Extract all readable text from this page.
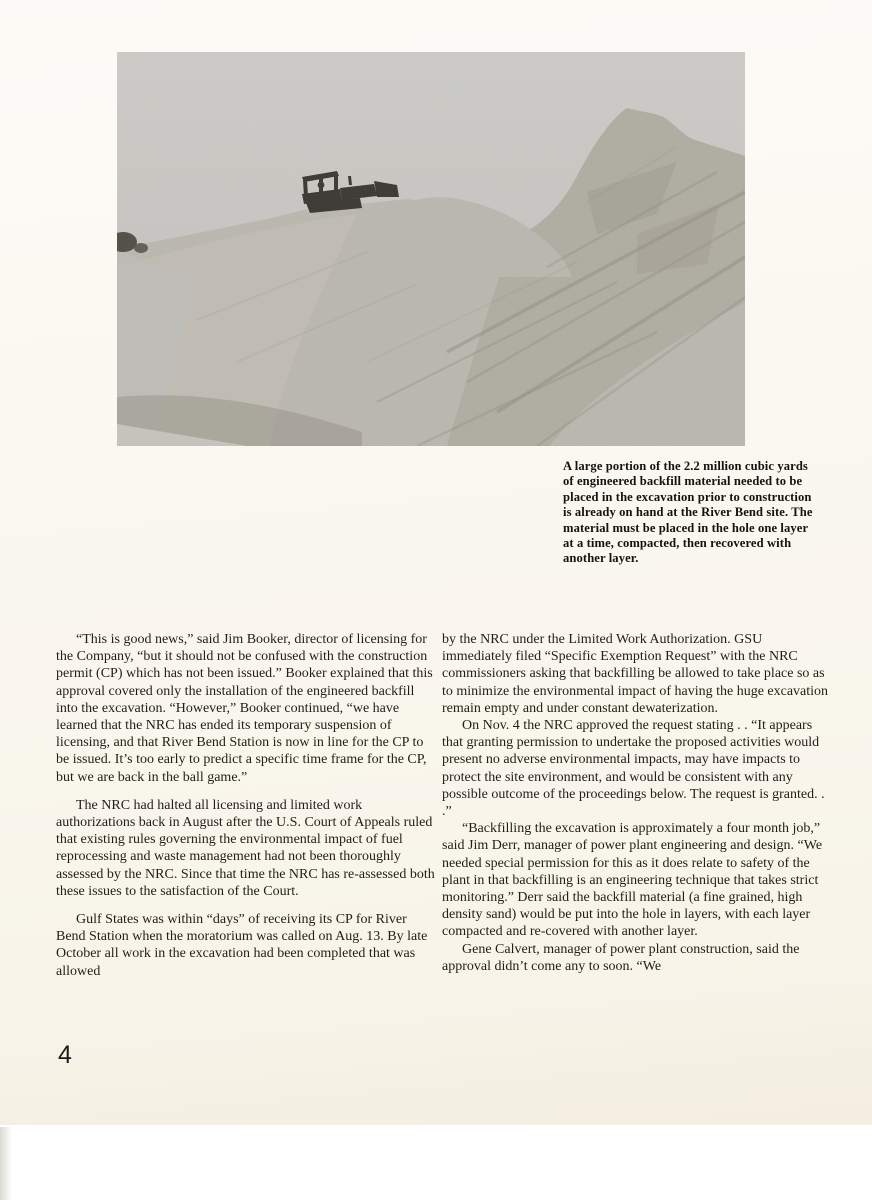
A large portion of the 2.2 million cubic yards of engineered backfill material needed to be placed in the excavation prior to construction is already on hand at the River Bend site. The material must be placed in the hole one layer at a time, compacted, then recovered with another layer.

“This is good news,” said Jim Booker, director of licensing for the Company, “but it should not be confused with the construction permit (CP) which has not been issued.” Booker explained that this approval covered only the installation of the engineered backfill into the excavation. “However,” Booker continued, “we have learned that the NRC has ended its temporary suspension of licensing, and that River Bend Station is now in line for the CP to be issued. It’s too early to predict a specific time frame for the CP, but we are back in the ball game.”

The NRC had halted all licensing and limited work authorizations back in August after the U.S. Court of Appeals ruled that existing rules governing the environmental impact of fuel reprocessing and waste management had not been thoroughly assessed by the NRC. Since that time the NRC has re-assessed both these issues to the satisfaction of the Court.

Gulf States was within “days” of receiving its CP for River Bend Station when the moratorium was called on Aug. 13. By late October all work in the excavation had been completed that was allowed

by the NRC under the Limited Work Authorization. GSU immediately filed “Specific Exemption Request” with the NRC commissioners asking that backfilling be allowed to take place so as to minimize the environmental impact of having the huge excavation remain empty and under constant dewaterization.

On Nov. 4 the NRC approved the request stating . . “It appears that granting permission to undertake the proposed activities would present no adverse environmental impacts, may have impacts to protect the site environment, and would be consistent with any possible outcome of the proceedings below. The request is granted. . .”

“Backfilling the excavation is approximately a four month job,” said Jim Derr, manager of power plant engineering and design. “We needed special permission for this as it does relate to safety of the plant in that backfilling is an engineering technique that takes strict monitoring.” Derr said the backfill material (a fine grained, high density sand) would be put into the hole in layers, with each layer compacted and re-covered with another layer.

Gene Calvert, manager of power plant construction, said the approval didn’t come any to soon. “We

4
